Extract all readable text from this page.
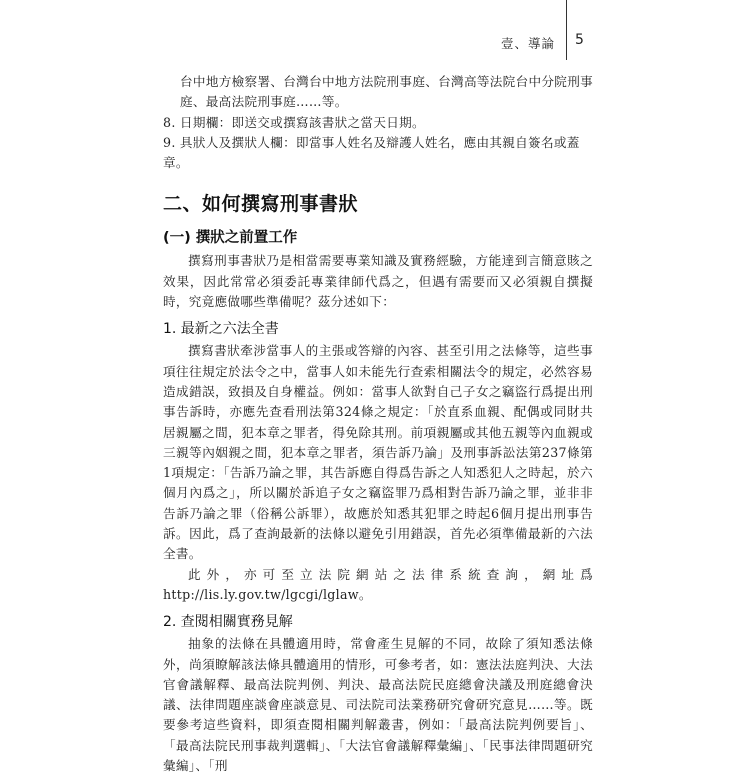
壹、導論 5

台中地方檢察署、台灣台中地方法院刑事庭、台灣高等法院台中分院刑事庭、最高法院刑事庭……等。

8. 日期欄：即送交或撰寫該書狀之當天日期。

9. 具狀人及撰狀人欄：即當事人姓名及辯護人姓名，應由其親自簽名或蓋章。

二、如何撰寫刑事書狀
(一) 撰狀之前置工作

撰寫刑事書狀乃是相當需要專業知識及實務經驗，方能達到言簡意賅之效果，因此常常必須委託專業律師代爲之，但遇有需要而又必須親自撰擬時，究竟應做哪些準備呢？茲分述如下：

1. 最新之六法全書

撰寫書狀牽涉當事人的主張或答辯的內容、甚至引用之法條等，這些事項往往規定於法令之中，當事人如未能先行查索相關法令的規定，必然容易造成錯誤，致損及自身權益。例如：當事人欲對自己子女之竊盜行爲提出刑事告訴時，亦應先查看刑法第324條之規定：「於直系血親、配偶或同財共居親屬之間，犯本章之罪者，得免除其刑。前項親屬或其他五親等內血親或三親等內姻親之間，犯本章之罪者，須告訴乃論」及刑事訴訟法第237條第1項規定：「告訴乃論之罪，其告訴應自得爲告訴之人知悉犯人之時起，於六個月內爲之」，所以關於訴追子女之竊盜罪乃爲相對告訴乃論之罪，並非非告訴乃論之罪（俗稱公訴罪），故應於知悉其犯罪之時起6個月提出刑事告訴。因此，爲了查詢最新的法條以避免引用錯誤，首先必須準備最新的六法全書。

此外，亦可至立法院網站之法律系統查詢，網址爲 http://lis.ly.gov.tw/lgcgi/lglaw。

2. 查閱相關實務見解

抽象的法條在具體適用時，常會產生見解的不同，故除了須知悉法條外，尚須瞭解該法條具體適用的情形，可參考者，如：憲法法庭判決、大法官會議解釋、最高法院判例、判決、最高法院民庭總會決議及刑庭總會決議、法律問題座談會座談意見、司法院司法業務研究會研究意見……等。既要參考這些資料，即須查閱相關判解叢書，例如：「最高法院判例要旨」、「最高法院民刑事裁判選輯」、「大法官會議解釋彙編」、「民事法律問題研究彙編」、「刑
